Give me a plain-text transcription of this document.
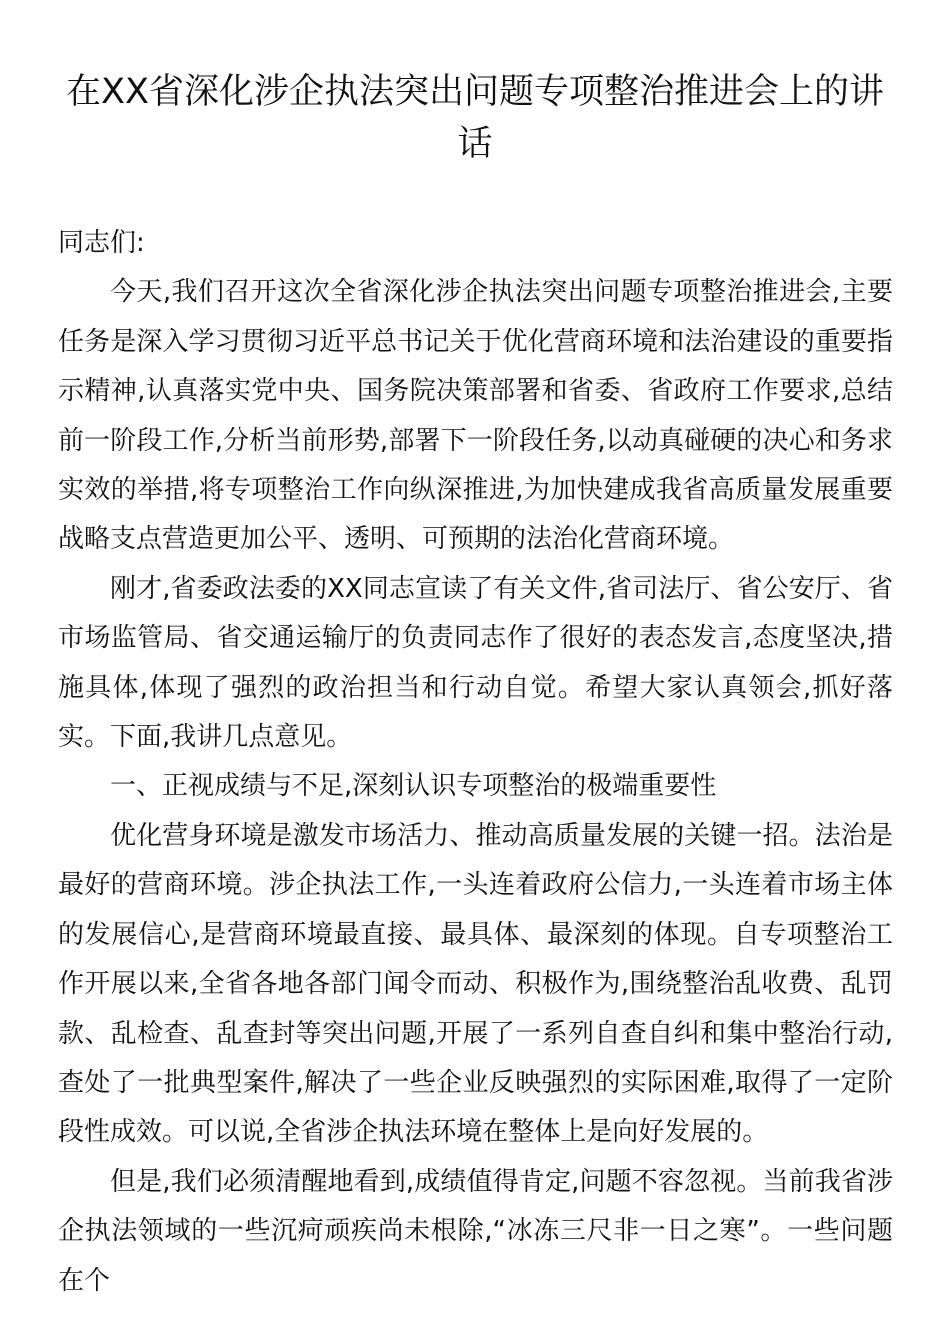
在XX省深化涉企执法突出问题专项整治推进会上的讲话

同志们:

今天,我们召开这次全省深化涉企执法突出问题专项整治推进会,主要任务是深入学习贯彻习近平总书记关于优化营商环境和法治建设的重要指示精神,认真落实党中央、国务院决策部署和省委、省政府工作要求,总结前一阶段工作,分析当前形势,部署下一阶段任务,以动真碰硬的决心和务求实效的举措,将专项整治工作向纵深推进,为加快建成我省高质量发展重要战略支点营造更加公平、透明、可预期的法治化营商环境。

刚才,省委政法委的XX同志宣读了有关文件,省司法厅、省公安厅、省市场监管局、省交通运输厅的负责同志作了很好的表态发言,态度坚决,措施具体,体现了强烈的政治担当和行动自觉。希望大家认真领会,抓好落实。下面,我讲几点意见。

一、正视成绩与不足,深刻认识专项整治的极端重要性

优化营身环境是激发市场活力、推动高质量发展的关键一招。法治是最好的营商环境。涉企执法工作,一头连着政府公信力,一头连着市场主体的发展信心,是营商环境最直接、最具体、最深刻的体现。自专项整治工作开展以来,全省各地各部门闻令而动、积极作为,围绕整治乱收费、乱罚款、乱检查、乱查封等突出问题,开展了一系列自查自纠和集中整治行动,查处了一批典型案件,解决了一些企业反映强烈的实际困难,取得了一定阶段性成效。可以说,全省涉企执法环境在整体上是向好发展的。

但是,我们必须清醒地看到,成绩值得肯定,问题不容忽视。当前我省涉企执法领域的一些沉疴顽疾尚未根除,“冰冻三尺非一日之寒”。一些问题在个
